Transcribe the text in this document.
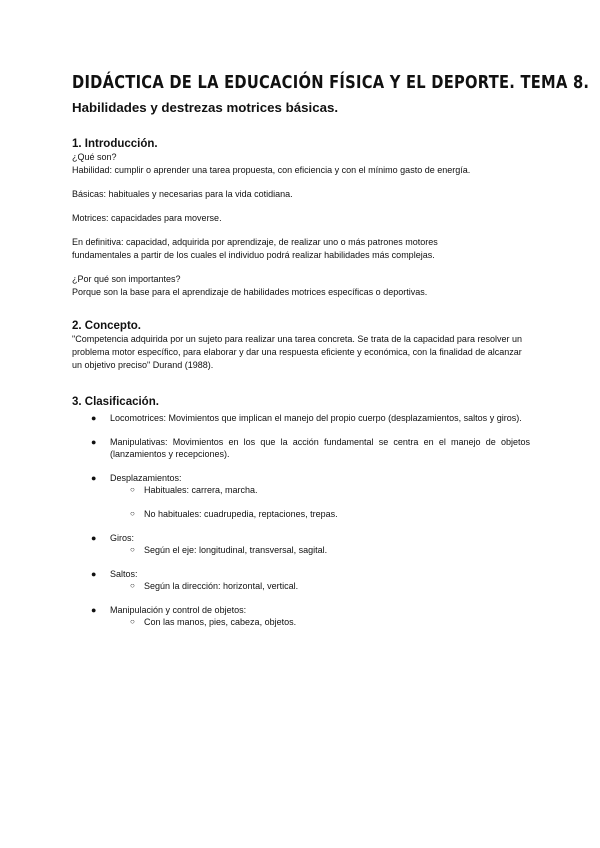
DIDÁCTICA DE LA EDUCACIÓN FÍSICA Y EL DEPORTE. TEMA 8.
Habilidades y destrezas motrices básicas.
1. Introducción.

¿Qué son?

Habilidad: cumplir o aprender una tarea propuesta, con eficiencia y con el mínimo gasto de energía.

Básicas: habituales y necesarias para la vida cotidiana.

Motrices: capacidades para moverse.

En definitiva: capacidad, adquirida por aprendizaje, de realizar uno o más patrones motores

fundamentales a partir de los cuales el individuo podrá realizar habilidades más complejas.

¿Por qué son importantes?

Porque son la base para el aprendizaje de habilidades motrices específicas o deportivas.

2. Concepto.

"Competencia adquirida por un sujeto para realizar una tarea concreta. Se trata de la capacidad para resolver un problema motor específico, para elaborar y dar una respuesta eficiente y económica, con la finalidad de alcanzar un objetivo preciso" Durand (1988).

3. Clasificación.
● Locomotrices: Movimientos que implican el manejo del propio cuerpo (desplazamientos, saltos y giros).
● Manipulativas: Movimientos en los que la acción fundamental se centra en el manejo de objetos (lanzamientos y recepciones).
● Desplazamientos:
○ Habituales: carrera, marcha.
○ No habituales: cuadrupedia, reptaciones, trepas.
● Giros:
○ Según el eje: longitudinal, transversal, sagital.
● Saltos:
○ Según la dirección: horizontal, vertical.
● Manipulación y control de objetos:
○ Con las manos, pies, cabeza, objetos.
